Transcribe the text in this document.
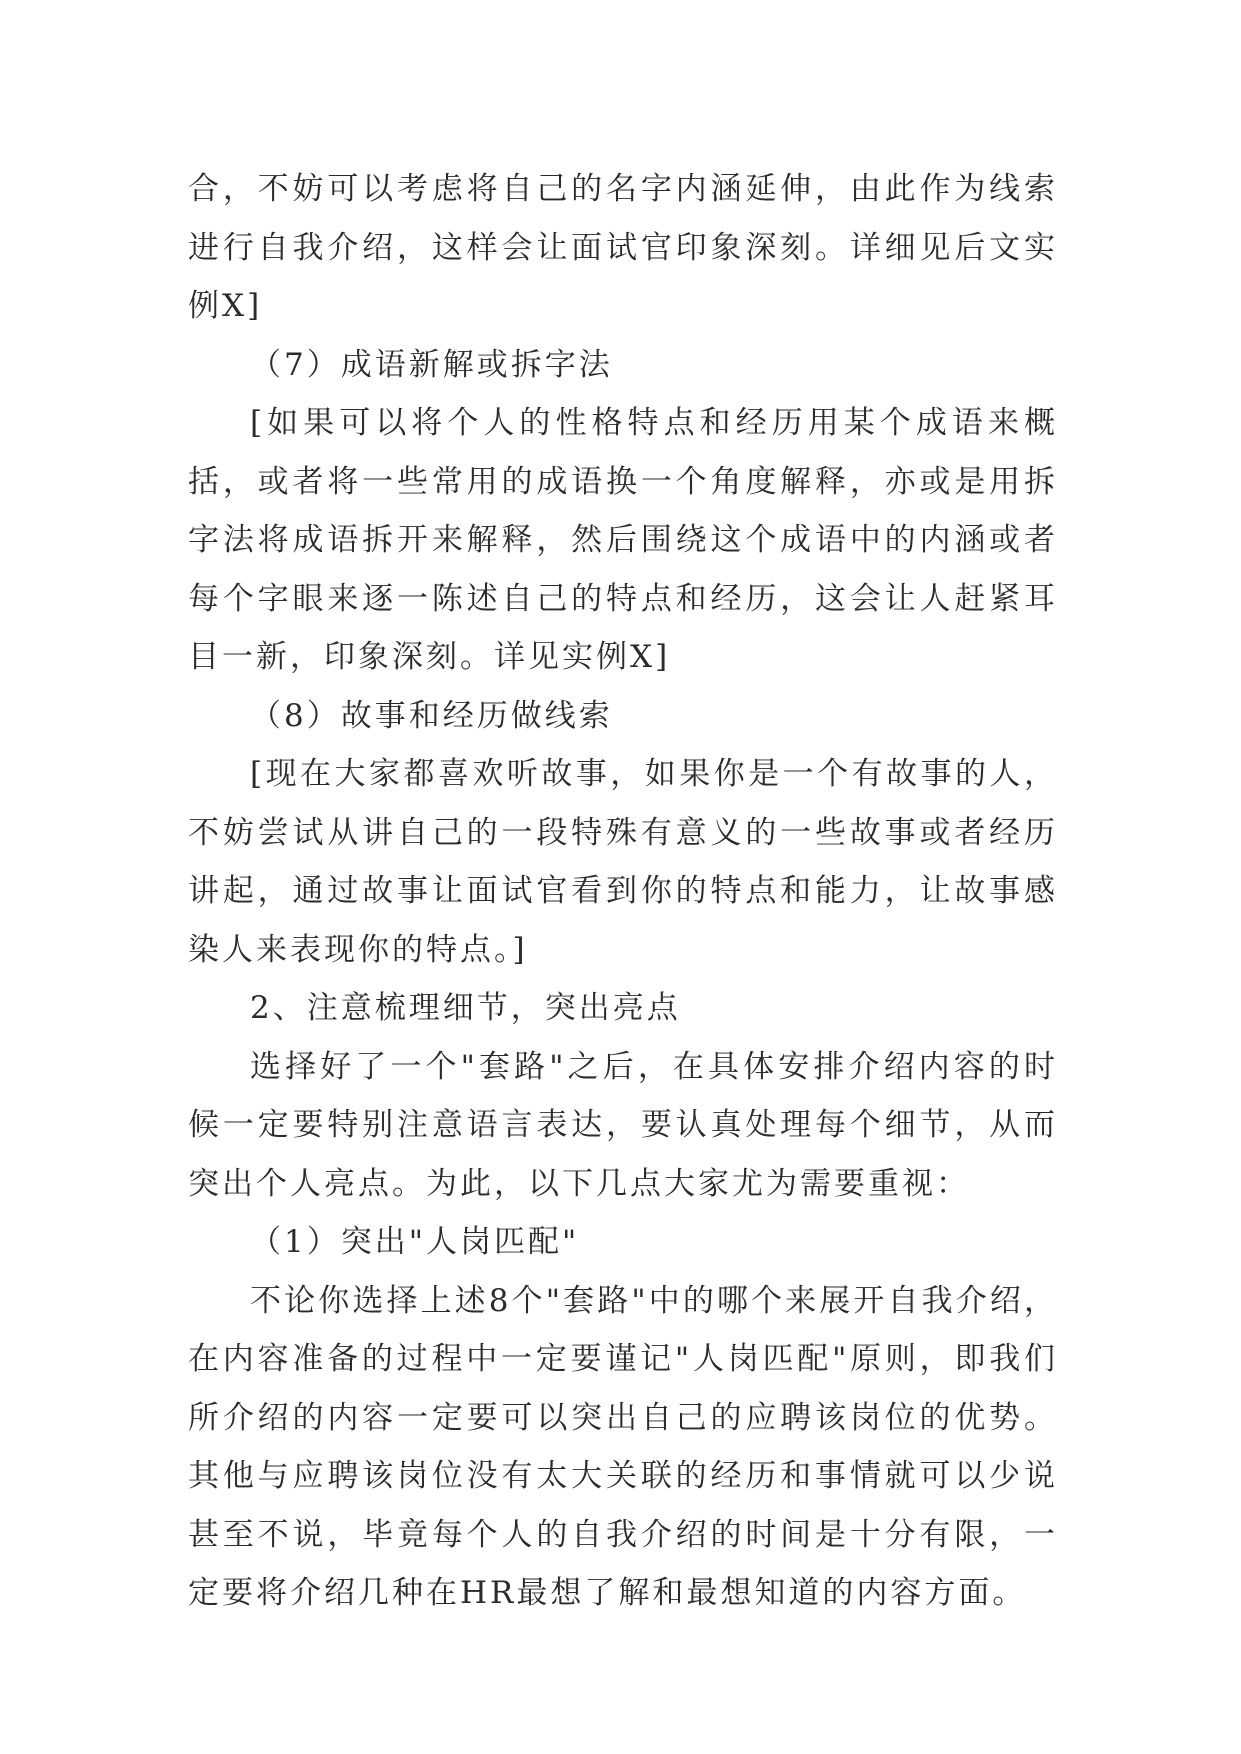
合，不妨可以考虑将自己的名字内涵延伸，由此作为线索进行自我介绍，这样会让面试官印象深刻。详细见后文实例X]

（7）成语新解或拆字法

[如果可以将个人的性格特点和经历用某个成语来概括，或者将一些常用的成语换一个角度解释，亦或是用拆字法将成语拆开来解释，然后围绕这个成语中的内涵或者每个字眼来逐一陈述自己的特点和经历，这会让人赶紧耳目一新，印象深刻。详见实例X]

（8）故事和经历做线索

[现在大家都喜欢听故事，如果你是一个有故事的人，不妨尝试从讲自己的一段特殊有意义的一些故事或者经历讲起，通过故事让面试官看到你的特点和能力，让故事感染人来表现你的特点。]

2、注意梳理细节，突出亮点

选择好了一个"套路"之后，在具体安排介绍内容的时候一定要特别注意语言表达，要认真处理每个细节，从而突出个人亮点。为此，以下几点大家尤为需要重视：

（1）突出"人岗匹配"

不论你选择上述8个"套路"中的哪个来展开自我介绍，在内容准备的过程中一定要谨记"人岗匹配"原则，即我们所介绍的内容一定要可以突出自己的应聘该岗位的优势。其他与应聘该岗位没有太大关联的经历和事情就可以少说甚至不说，毕竟每个人的自我介绍的时间是十分有限，一定要将介绍几种在HR最想了解和最想知道的内容方面。
